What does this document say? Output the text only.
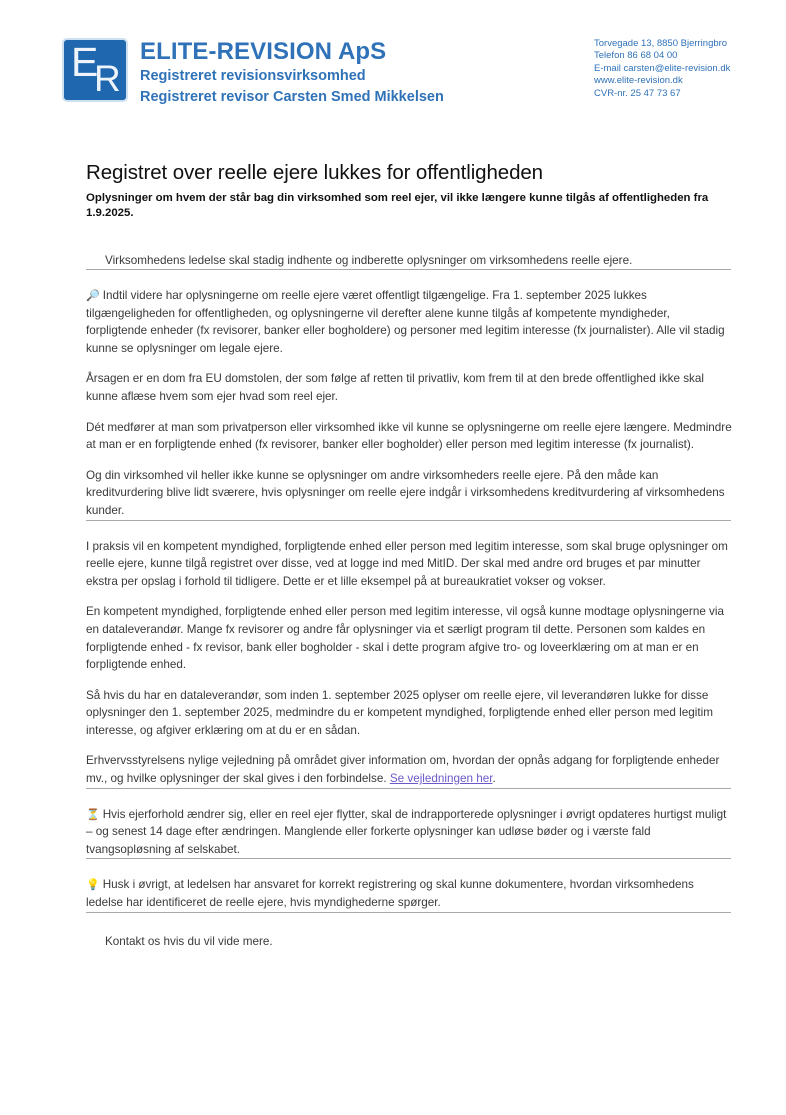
E
R
ELITE-REVISION ApS
Registreret revisionsvirksomhed
Registreret revisor Carsten Smed Mikkelsen
Torvegade 13, 8850 Bjerringbro
Telefon 86 68 04 00
E-mail carsten@elite-revision.dk
www.elite-revision.dk
CVR-nr. 25 47 73 67
Registret over reelle ejere lukkes for offentligheden
Oplysninger om hvem der står bag din virksomhed som reel ejer, vil ikke længere kunne tilgås af offentligheden fra 1.9.2025.
Virksomhedens ledelse skal stadig indhente og indberette oplysninger om virksomhedens reelle ejere.

🔎 Indtil videre har oplysningerne om reelle ejere været offentligt tilgængelige. Fra 1. september 2025 lukkes tilgængeligheden for offentligheden, og oplysningerne vil derefter alene kunne tilgås af kompetente myndigheder, forpligtende enheder (fx revisorer, banker eller bogholdere) og personer med legitim interesse (fx journalister). Alle vil stadig kunne se oplysninger om legale ejere.

Årsagen er en dom fra EU domstolen, der som følge af retten til privatliv, kom frem til at den brede offentlighed ikke skal kunne aflæse hvem som ejer hvad som reel ejer.

Dét medfører at man som privatperson eller virksomhed ikke vil kunne se oplysningerne om reelle ejere længere. Medmindre at man er en forpligtende enhed (fx revisorer, banker eller bogholder) eller person med legitim interesse (fx journalist).

Og din virksomhed vil heller ikke kunne se oplysninger om andre virksomheders reelle ejere. På den måde kan kreditvurdering blive lidt sværere, hvis oplysninger om reelle ejere indgår i virksomhedens kreditvurdering af virksomhedens kunder.

I praksis vil en kompetent myndighed, forpligtende enhed eller person med legitim interesse, som skal bruge oplysninger om reelle ejere, kunne tilgå registret over disse, ved at logge ind med MitID. Der skal med andre ord bruges et par minutter ekstra per opslag i forhold til tidligere. Dette er et lille eksempel på at bureaukratiet vokser og vokser.

En kompetent myndighed, forpligtende enhed eller person med legitim interesse, vil også kunne modtage oplysningerne via en dataleverandør. Mange fx revisorer og andre får oplysninger via et særligt program til dette. Personen som kaldes en forpligtende enhed - fx revisor, bank eller bogholder - skal i dette program afgive tro- og loveerklæring om at man er en forpligtende enhed.

Så hvis du har en dataleverandør, som inden 1. september 2025 oplyser om reelle ejere, vil leverandøren lukke for disse oplysninger den 1. september 2025, medmindre du er kompetent myndighed, forpligtende enhed eller person med legitim interesse, og afgiver erklæring om at du er en sådan.

Erhvervsstyrelsens nylige vejledning på området giver information om, hvordan der opnås adgang for forpligtende enheder mv., og hvilke oplysninger der skal gives i den forbindelse. Se vejledningen her.

⏳ Hvis ejerforhold ændrer sig, eller en reel ejer flytter, skal de indrapporterede oplysninger i øvrigt opdateres hurtigst muligt – og senest 14 dage efter ændringen. Manglende eller forkerte oplysninger kan udløse bøder og i værste fald tvangsopløsning af selskabet.

💡 Husk i øvrigt, at ledelsen har ansvaret for korrekt registrering og skal kunne dokumentere, hvordan virksomhedens ledelse har identificeret de reelle ejere, hvis myndighederne spørger.

Kontakt os hvis du vil vide mere.
